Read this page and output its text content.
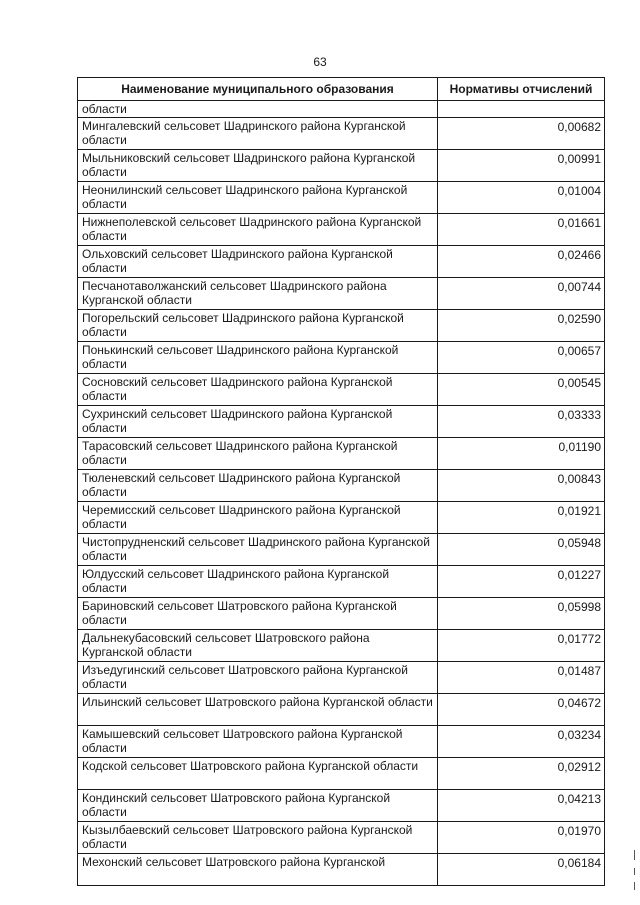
63
Наименование муниципального образования	Нормативы отчислений
области	
Мингалевский сельсовет Шадринского района Курганской области	0,00682
Мыльниковский сельсовет Шадринского района Курганской области	0,00991
Неонилинский сельсовет Шадринского района Курганской области	0,01004
Нижнеполевской сельсовет Шадринского района Курганской области	0,01661
Ольховский сельсовет Шадринского района Курганской области	0,02466
Песчанотаволжанский сельсовет Шадринского района Курганской области	0,00744
Погорельский сельсовет Шадринского района Курганской области	0,02590
Понькинский сельсовет Шадринского района Курганской области	0,00657
Сосновский сельсовет Шадринского района Курганской области	0,00545
Сухринский сельсовет Шадринского района Курганской области	0,03333
Тарасовский сельсовет Шадринского района Курганской области	0,01190
Тюленевский сельсовет Шадринского района Курганской области	0,00843
Черемисский сельсовет Шадринского района Курганской области	0,01921
Чистопрудненский сельсовет Шадринского района Курганской области	0,05948
Юлдусский сельсовет Шадринского района Курганской области	0,01227
Бариновский сельсовет Шатровского района Курганской области	0,05998
Дальнекубасовский сельсовет Шатровского района Курганской области	0,01772
Изъедугинский сельсовет Шатровского района Курганской области	0,01487
Ильинский сельсовет Шатровского района Курганской области	0,04672
Камышевский сельсовет Шатровского района Курганской области	0,03234
Кодской сельсовет Шатровского района Курганской области	0,02912
Кондинский сельсовет Шатровского района Курганской области	0,04213
Кызылбаевский сельсовет Шатровского района Курганской области	0,01970
Мехонский сельсовет Шатровского района Курганской	0,06184
